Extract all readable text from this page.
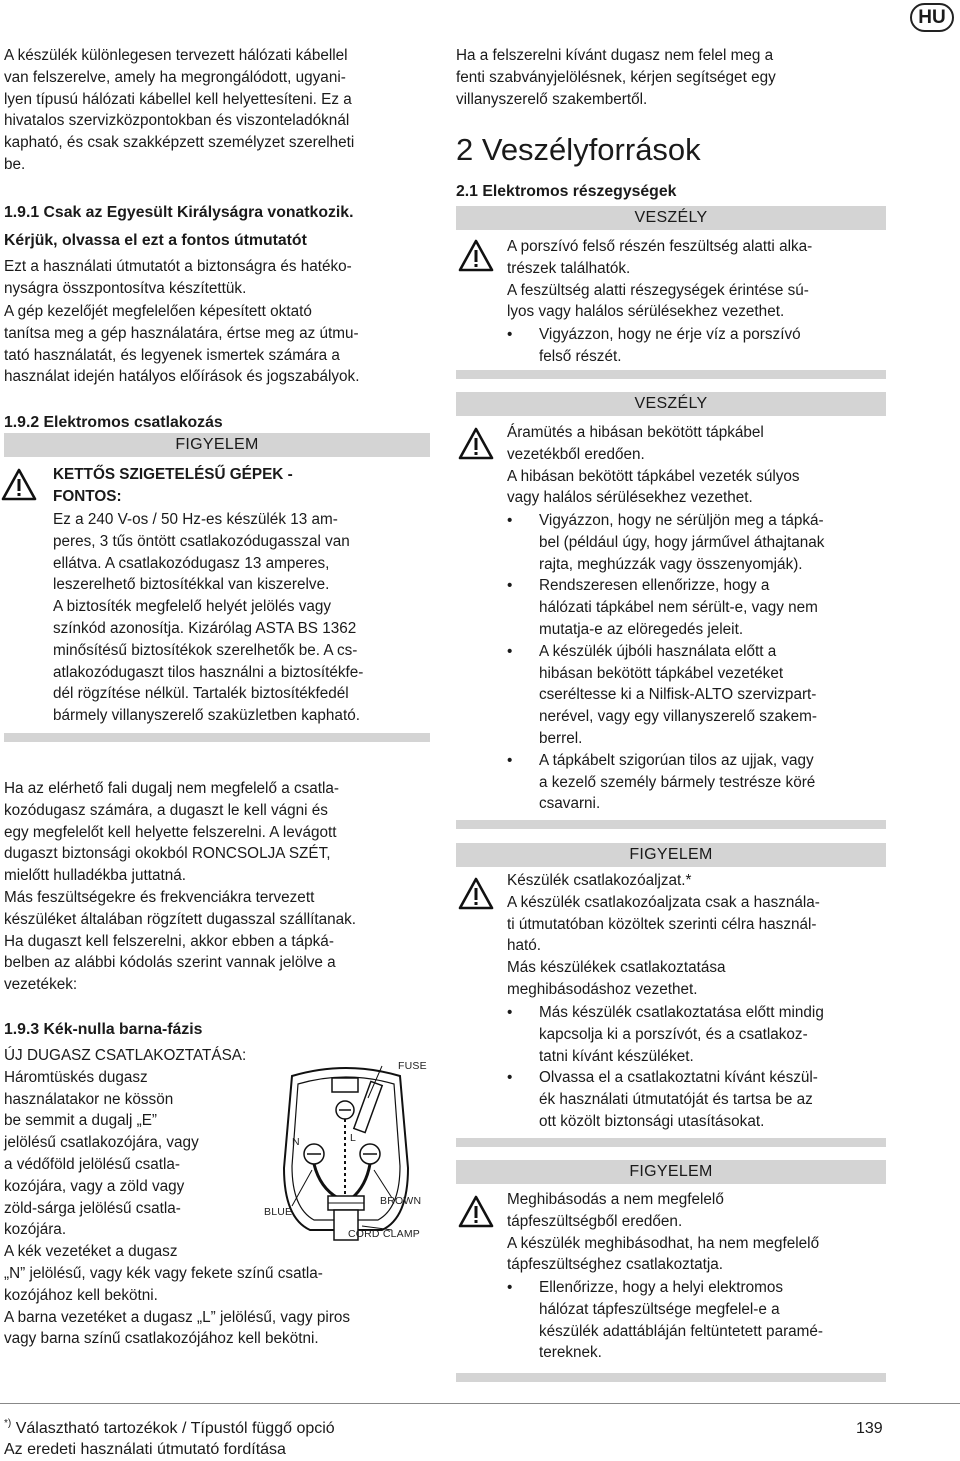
HU

A készülék különlegesen tervezett hálózati kábellel

van felszerelve, amely ha megrongálódott, ugyani-

lyen típusú hálózati kábellel kell helyettesíteni. Ez a

hivatalos szervizközpontokban és viszonteladóknál

kapható, és csak szakképzett személyzet szerelheti

be.

1.9.1 Csak az Egyesült Királyságra vonatkozik.

Kérjük, olvassa el ezt a fontos útmutatót

Ezt a használati útmutatót a biztonságra és hatéko-

nyságra összpontosítva készítettük.

A gép kezelőjét megfelelően képesített oktató

tanítsa meg a gép használatára, értse meg az útmu-

tató használatát, és legyenek ismertek számára a

használat idején hatályos előírások és jogszabályok.

1.9.2 Elektromos csatlakozás

FIGYELEM

KETTŐS SZIGETELÉSŰ GÉPEK -

FONTOS:

Ez a 240 V-os / 50 Hz-es készülék 13 am-

peres, 3 tűs öntött csatlakozódugasszal van

ellátva. A csatlakozódugasz 13 amperes,

leszerelhető biztosítékkal van kiszerelve.

A biztosíték megfelelő helyét jelölés vagy

színkód azonosítja. Kizárólag ASTA BS 1362

minősítésű biztosítékok szerelhetők be. A cs-

atlakozódugaszt tilos használni a biztosítékfe-

dél rögzítése nélkül. Tartalék biztosítékfedél

bármely villanyszerelő szaküzletben kapható.

Ha az elérhető fali dugalj nem megfelelő a csatla-

kozódugasz számára, a dugaszt le kell vágni és

egy megfelelőt kell helyette felszerelni. A levágott

dugaszt biztonsági okokból RONCSOLJA SZÉT,

mielőtt hulladékba juttatná.

Más feszültségekre és frekvenciákra tervezett

készüléket általában rögzített dugasszal szállítanak.

Ha dugaszt kell felszerelni, akkor ebben a tápká-

belben az alábbi kódolás szerint vannak jelölve a

vezetékek:

1.9.3 Kék-nulla barna-fázis

ÚJ DUGASZ CSATLAKOZTATÁSA:

Háromtüskés dugasz

használatakor ne kössön

be semmit a dugalj „E”

jelölésű csatlakozójára, vagy

a védőföld jelölésű csatla-

kozójára, vagy a zöld vagy

zöld-sárga jelölésű csatla-

kozójára.

A kék vezetéket a dugasz

„N” jelölésű, vagy kék vagy fekete színű csatla-

kozójához kell bekötni.

A barna vezetéket a dugasz „L” jelölésű, vagy piros

vagy barna színű csatlakozójához kell bekötni.

FUSE
N	L
BROWN
BLUE
CORD CLAMP

Ha a felszerelni kívánt dugasz nem felel meg a

fenti szabványjelölésnek, kérjen segítséget egy

villanyszerelő szakembertől.

2 Veszélyforrások

2.1 Elektromos részegységek

VESZÉLY

A porszívó felső részén feszültség alatti alka-

trészek találhatók.

A feszültség alatti részegységek érintése sú-

lyos vagy halálos sérülésekhez vezethet.

• Vigyázzon, hogy ne érje víz a porszívó

felső részét.

VESZÉLY

Áramütés a hibásan bekötött tápkábel

vezetékből eredően.

A hibásan bekötött tápkábel vezeték súlyos

vagy halálos sérülésekhez vezethet.

• Vigyázzon, hogy ne sérüljön meg a tápká-

bel (például úgy, hogy járművel áthajtanak

rajta, meghúzzák vagy összenyomják).

• Rendszeresen ellenőrizze, hogy a

hálózati tápkábel nem sérült-e, vagy nem

mutatja-e az elöregedés jeleit.

• A készülék újbóli használata előtt a

hibásan bekötött tápkábel vezetéket

cseréltesse ki a Nilfisk-ALTO szervizpart-

nerével, vagy egy villanyszerelő szakem-

berrel.

• A tápkábelt szigorúan tilos az ujjak, vagy

a kezelő személy bármely testrésze köré

csavarni.

FIGYELEM

Készülék csatlakozóaljzat.*

A készülék csatlakozóaljzata csak a használa-

ti útmutatóban közöltek szerinti célra használ-

ható.

Más készülékek csatlakoztatása

meghibásodáshoz vezethet.

• Más készülék csatlakoztatása előtt mindig

kapcsolja ki a porszívót, és a csatlakoz-

tatni kívánt készüléket.

• Olvassa el a csatlakoztatni kívánt készül-

ék használati útmutatóját és tartsa be az

ott közölt biztonsági utasításokat.

FIGYELEM

Meghibásodás a nem megfelelő

tápfeszültségből eredően.

A készülék meghibásodhat, ha nem megfelelő

tápfeszültséghez csatlakoztatja.

• Ellenőrizze, hogy a helyi elektromos

hálózat tápfeszültsége megfelel-e a

készülék adattábláján feltüntetett paramé-

tereknek.

*) Választható tartozékok / Típustól függő opció
Az eredeti használati útmutató fordítása
139
